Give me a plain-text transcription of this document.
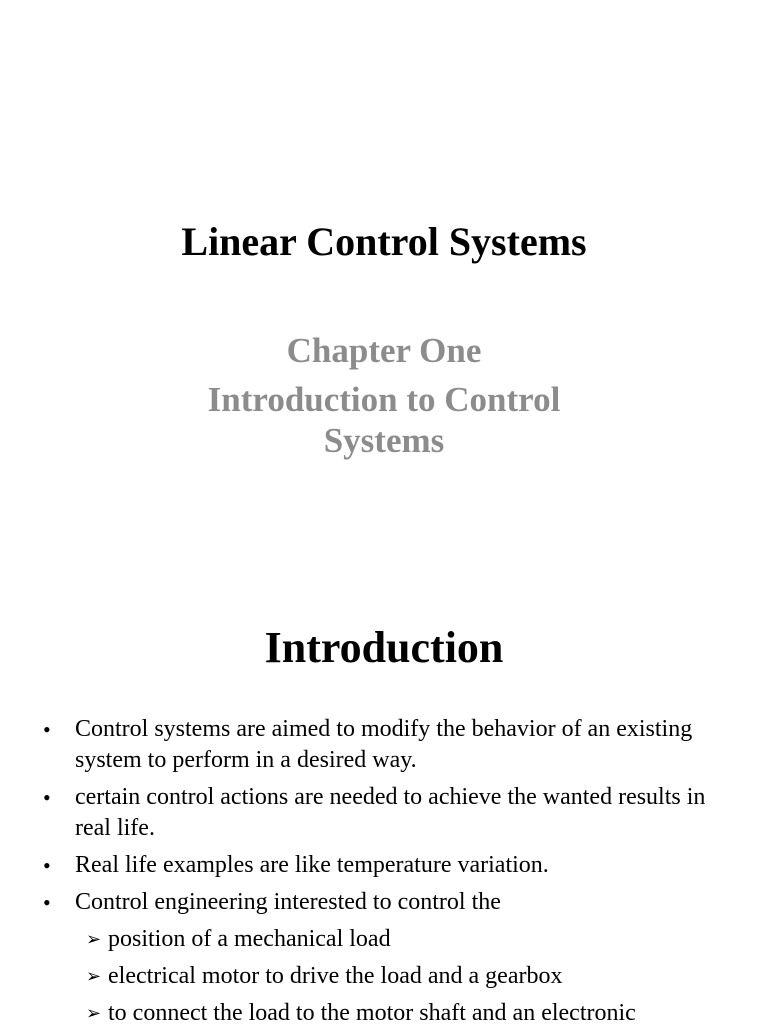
Linear Control Systems
Chapter One
Introduction to Control
Systems
Introduction
• Control systems are aimed to modify the behavior of an existing system to perform in a desired way.
• certain control actions are needed to achieve the wanted results in real life.
• Real life examples are like temperature variation.
• Control engineering interested to control the
➢ position of a mechanical load
➢ electrical motor to drive the load and a gearbox
➢ to connect the load to the motor shaft and an electronic
